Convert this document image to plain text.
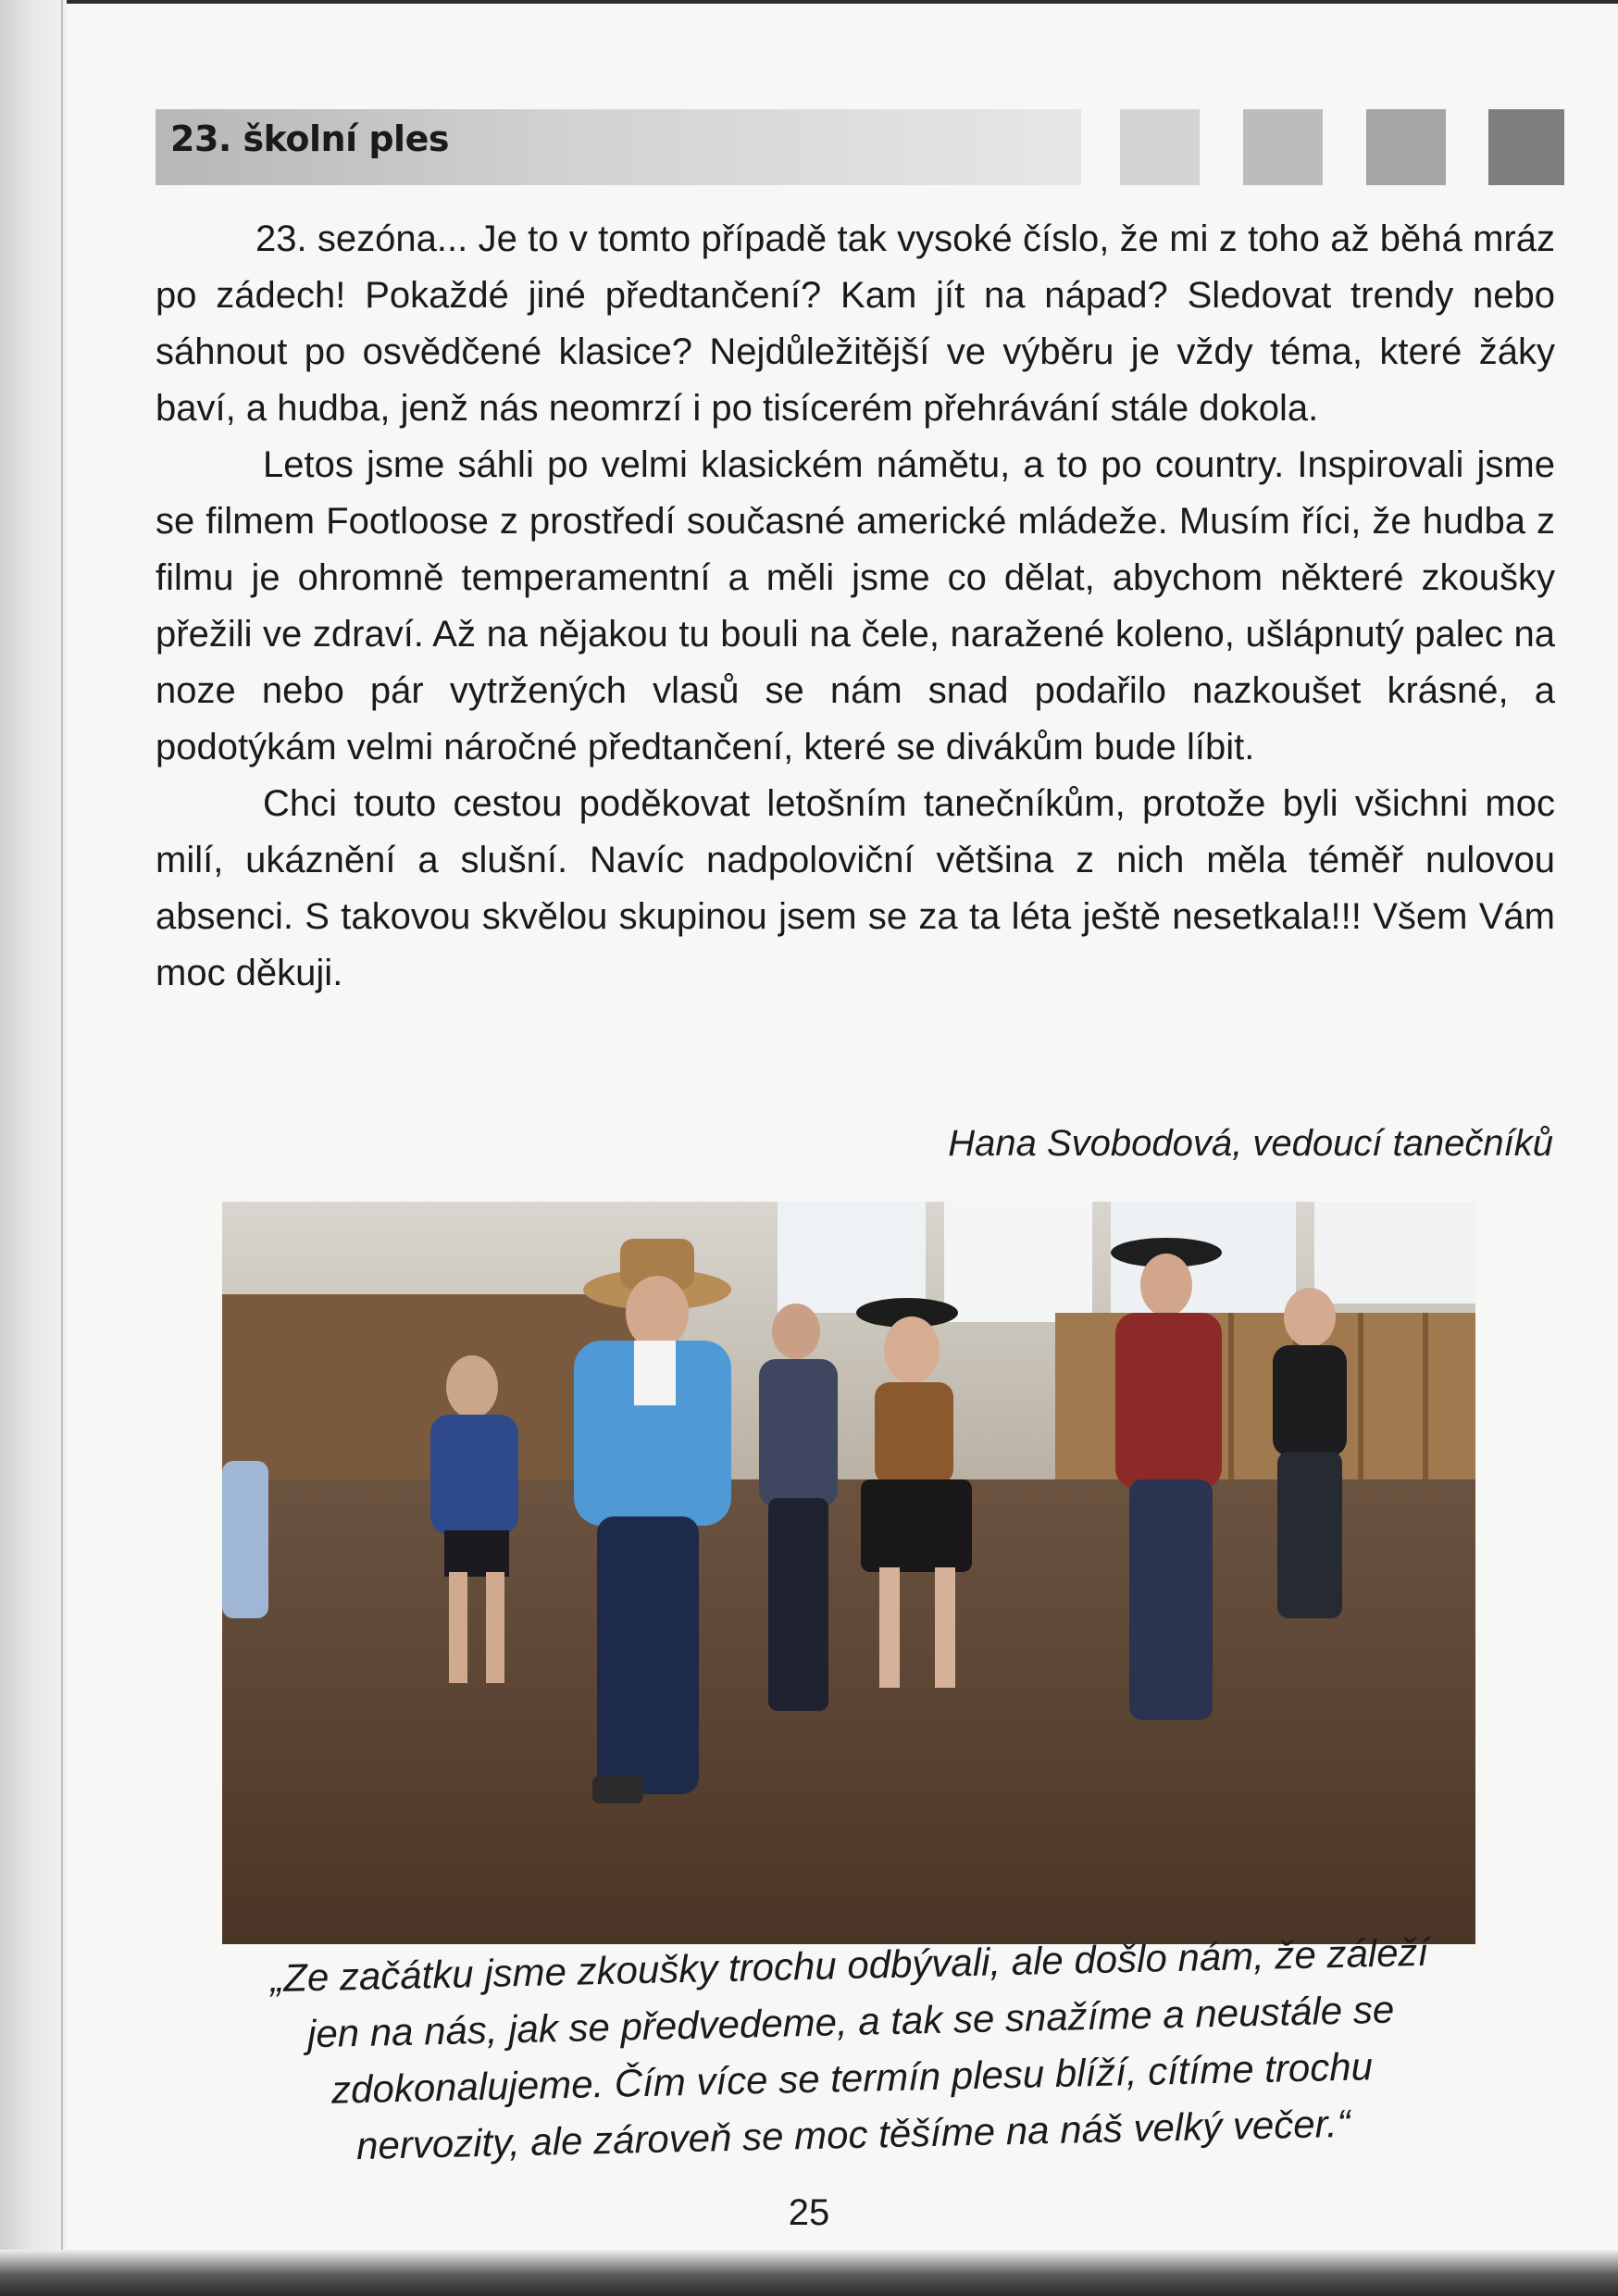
23. školní ples

23. sezóna... Je to v tomto případě tak vysoké číslo, že mi z toho až běhá mráz po zádech! Pokaždé jiné předtančení? Kam jít na nápad? Sledovat trendy nebo sáhnout po osvědčené klasice? Nejdůležitější ve výběru je vždy téma, které žáky baví, a hudba, jenž nás neomrzí i po tisícerém přehrávání stále dokola.

Letos jsme sáhli po velmi klasickém námětu, a to po country. Inspirovali jsme se filmem Footloose z prostředí současné americké mládeže. Musím říci, že hudba z filmu je ohromně temperamentní a měli jsme co dělat, abychom některé zkoušky přežili ve zdraví. Až na nějakou tu bouli na čele, naražené koleno, ušlápnutý palec na noze nebo pár vytržených vlasů se nám snad podařilo nazkoušet krásné, a podotýkám velmi náročné předtančení, které se divákům bude líbit.

Chci touto cestou poděkovat letošním tanečníkům, protože byli všichni moc milí, ukáznění a slušní. Navíc nadpoloviční většina z nich měla téměř nulovou absenci. S takovou skvělou skupinou jsem se za ta léta ještě nesetkala!!! Všem Vám moc děkuji.

Hana Svobodová, vedoucí tanečníků
„Ze začátku jsme zkoušky trochu odbývali, ale došlo nám, že záleží
jen na nás, jak se předvedeme, a tak se snažíme a neustále se
zdokonalujeme. Čím více se termín plesu blíží, cítíme trochu
nervozity, ale zároveň se moc těšíme na náš velký večer.“
25
